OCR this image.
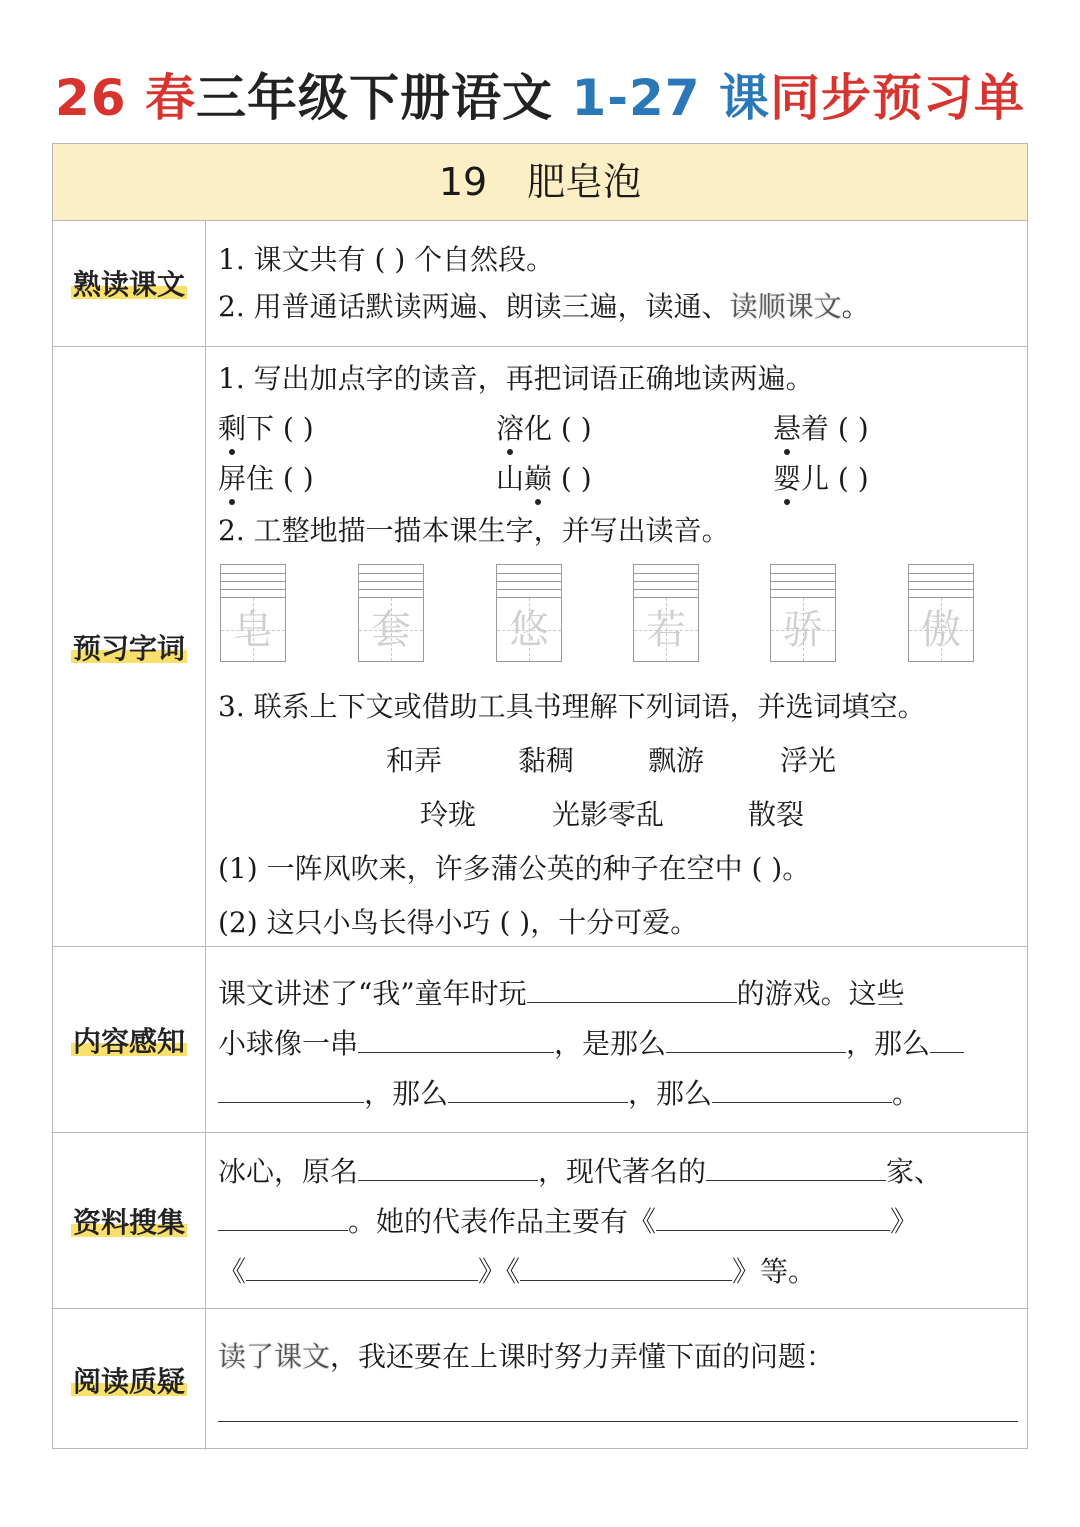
26 春三年级下册语文 1-27 课同步预习单
19 肥皂泡
熟读课文
1. 课文共有 ( ) 个自然段。
2. 用普通话默读两遍、朗读三遍，读通、读顺课文。
预习字词
1. 写出加点字的读音，再把词语正确地读两遍。
剩下 ( )	溶化 ( )	悬着 ( )
屏住 ( )	山巅 ( )	婴儿 ( )
2. 工整地描一描本课生字，并写出读音。
皂	套	悠	若	骄	傲
3. 联系上下文或借助工具书理解下列词语，并选词填空。
和弄	黏稠	飘游	浮光
玲珑	光影零乱	散裂
(1) 一阵风吹来，许多蒲公英的种子在空中 ( )。
(2) 这只小鸟长得小巧 ( )，十分可爱。
内容感知
课文讲述了“我”童年时玩	的游戏。这些
小球像一串	，是那么	，那么
，那么	，那么	。
资料搜集
冰心，原名	，现代著名的	家、
。她的代表作品主要有《	》
《	》《	》等。
阅读质疑
读了课文，我还要在上课时努力弄懂下面的问题：
